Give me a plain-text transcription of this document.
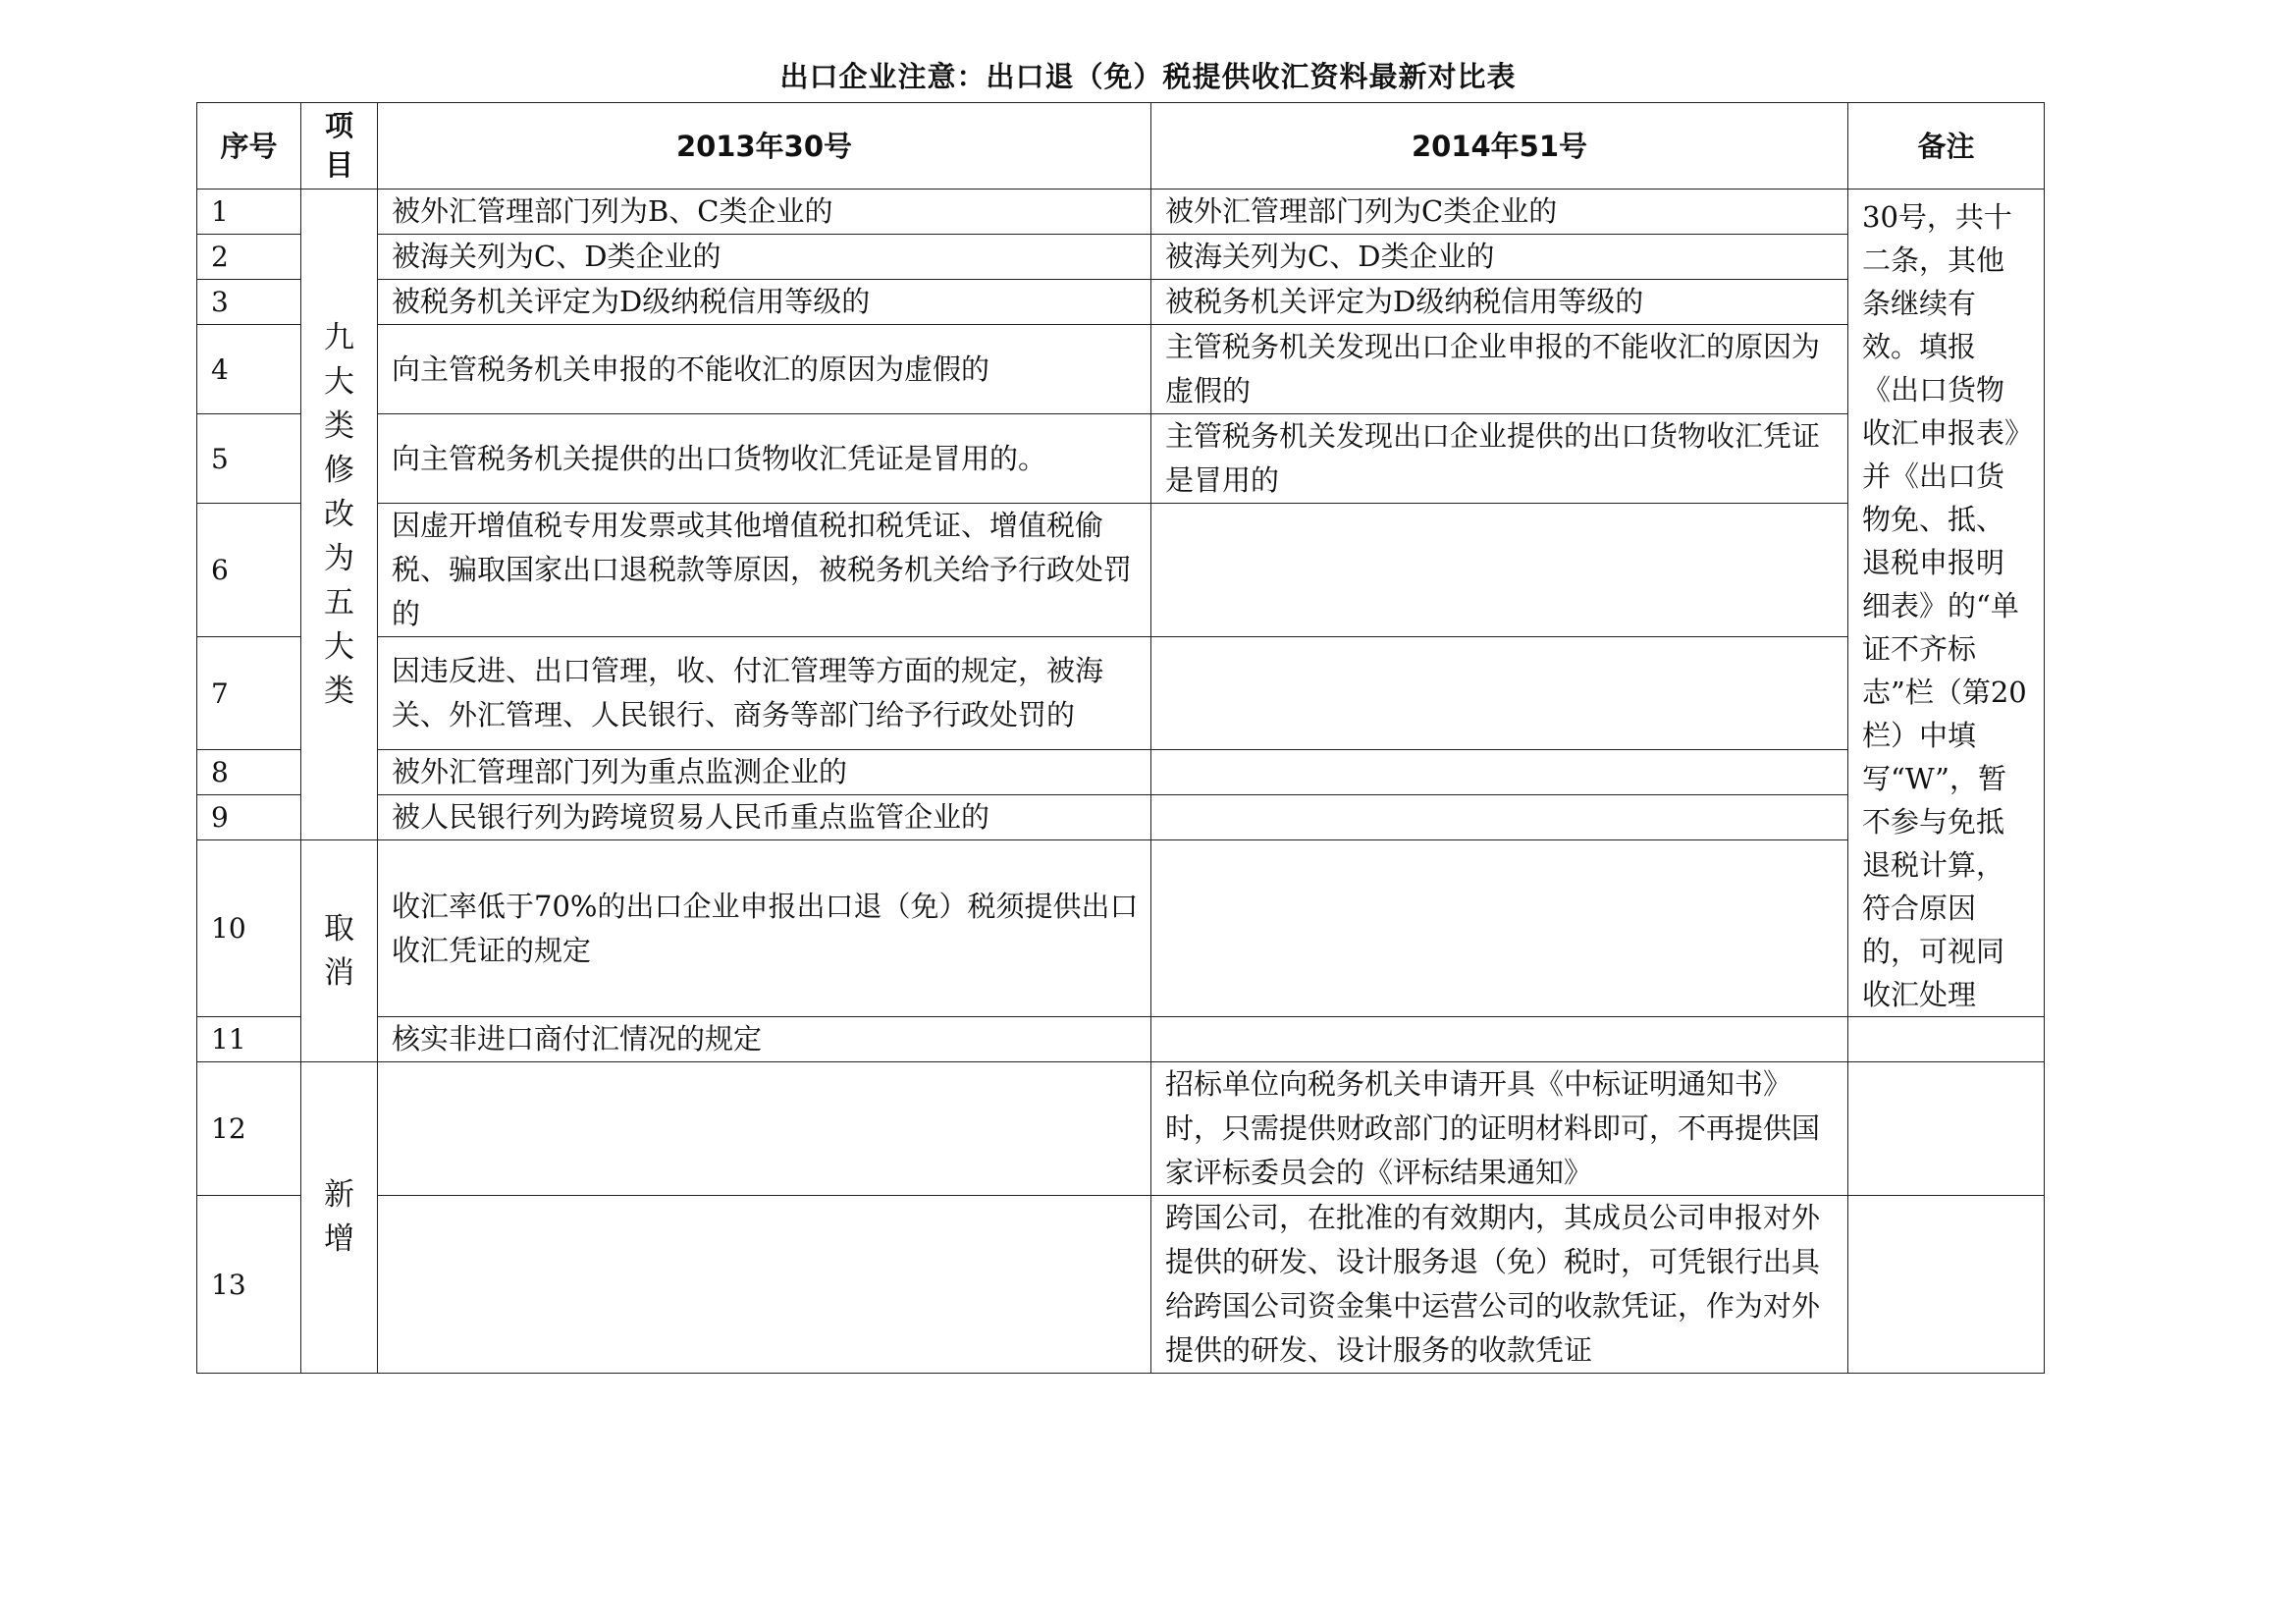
出口企业注意：出口退（免）税提供收汇资料最新对比表
序号	项目	2013年30号	2014年51号	备注
1	九大类修改为五大类	被外汇管理部门列为B、C类企业的	被外汇管理部门列为C类企业的	30号，共十二条，其他条继续有效。填报《出口货物收汇申报表》并《出口货物免、抵、退税申报明细表》的“单证不齐标志”栏（第20栏）中填写“W”，暂不参与免抵退税计算，符合原因的，可视同收汇处理
2		被海关列为C、D类企业的	被海关列为C、D类企业的	
3		被税务机关评定为D级纳税信用等级的	被税务机关评定为D级纳税信用等级的	
4		向主管税务机关申报的不能收汇的原因为虚假的	主管税务机关发现出口企业申报的不能收汇的原因为虚假的	
5		向主管税务机关提供的出口货物收汇凭证是冒用的。	主管税务机关发现出口企业提供的出口货物收汇凭证是冒用的	
6		因虚开增值税专用发票或其他增值税扣税凭证、增值税偷税、骗取国家出口退税款等原因，被税务机关给予行政处罚的		
7		因违反进、出口管理，收、付汇管理等方面的规定，被海关、外汇管理、人民银行、商务等部门给予行政处罚的		
8		被外汇管理部门列为重点监测企业的		
9		被人民银行列为跨境贸易人民币重点监管企业的		
10	取消	收汇率低于70%的出口企业申报出口退（免）税须提供出口收汇凭证的规定		
11		核实非进口商付汇情况的规定		
12	新增		招标单位向税务机关申请开具《中标证明通知书》时，只需提供财政部门的证明材料即可，不再提供国家评标委员会的《评标结果通知》	
13			跨国公司，在批准的有效期内，其成员公司申报对外提供的研发、设计服务退（免）税时，可凭银行出具给跨国公司资金集中运营公司的收款凭证，作为对外提供的研发、设计服务的收款凭证	
